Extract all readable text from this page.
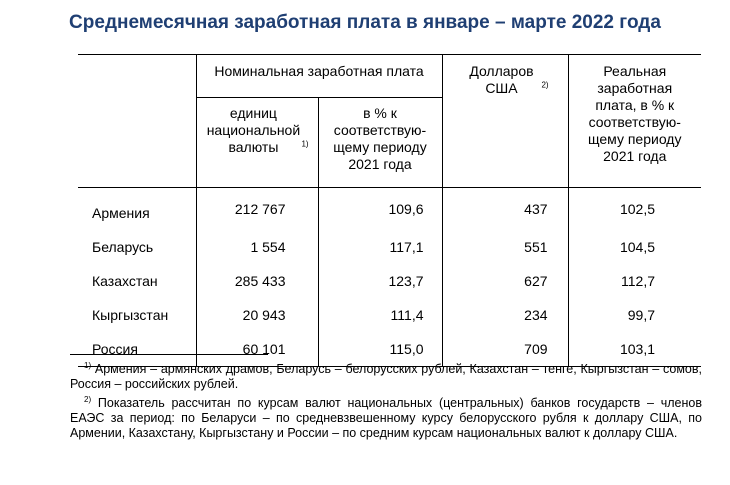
Среднемесячная заработная плата в январе – марте 2022 года
	Номинальная заработная плата		Долларов США $^{2)}$	Реальная заработная плата, в % к соответствую-щему периоду 2021 года

	единиц национальной валюты $^{1)}$	в % к соответствую-щему периоду 2021 года		

Армения	212 767	109,6	437	102,5
Беларусь	1 554	117,1	551	104,5
Казахстан	285 433	123,7	627	112,7
Кыргызстан	20 943	111,4	234	99,7
Россия	60 101	115,0	709	103,1
$^{1)}$ Армения – армянских драмов, Беларусь – белорусских рублей, Казахстан – тенге, Кыргызстан – сомов, Россия – российских рублей.
$^{2)}$ Показатель рассчитан по курсам валют национальных (центральных) банков государств – членов ЕАЭС за период: по Беларуси – по средневзвешенному курсу белорусского рубля к доллару США, по Армении, Казахстану, Кыргызстану и России – по средним курсам национальных валют к доллару США.
